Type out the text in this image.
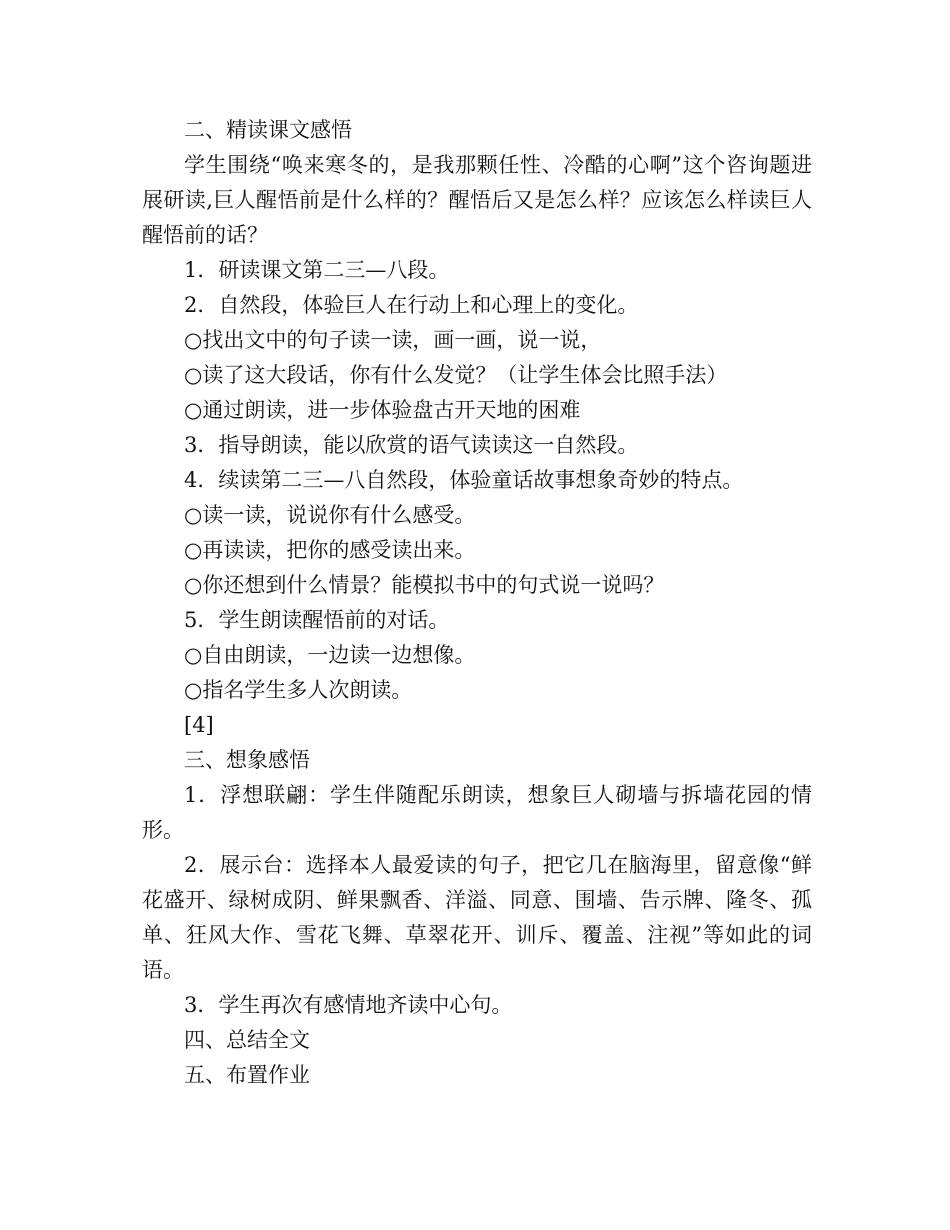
二、精读课文感悟

学生围绕“唤来寒冬的，是我那颗任性、冷酷的心啊”这个咨询题进展研读,巨人醒悟前是什么样的？醒悟后又是怎么样？应该怎么样读巨人醒悟前的话？

1．研读课文第二三—八段。

2．自然段，体验巨人在行动上和心理上的变化。

○找出文中的句子读一读，画一画，说一说，

○读了这大段话，你有什么发觉？（让学生体会比照手法）

○通过朗读，进一步体验盘古开天地的困难

3．指导朗读，能以欣赏的语气读读这一自然段。

4．续读第二三—八自然段，体验童话故事想象奇妙的特点。

○读一读，说说你有什么感受。

○再读读，把你的感受读出来。

○你还想到什么情景？能模拟书中的句式说一说吗？

5．学生朗读醒悟前的对话。

○自由朗读，一边读一边想像。

○指名学生多人次朗读。

[4]

三、想象感悟

1．浮想联翩：学生伴随配乐朗读，想象巨人砌墙与拆墙花园的情形。

2．展示台：选择本人最爱读的句子，把它几在脑海里，留意像“鲜花盛开、绿树成阴、鲜果飘香、洋溢、同意、围墙、告示牌、隆冬、孤单、狂风大作、雪花飞舞、草翠花开、训斥、覆盖、注视”等如此的词语。

3．学生再次有感情地齐读中心句。

四、总结全文

五、布置作业
